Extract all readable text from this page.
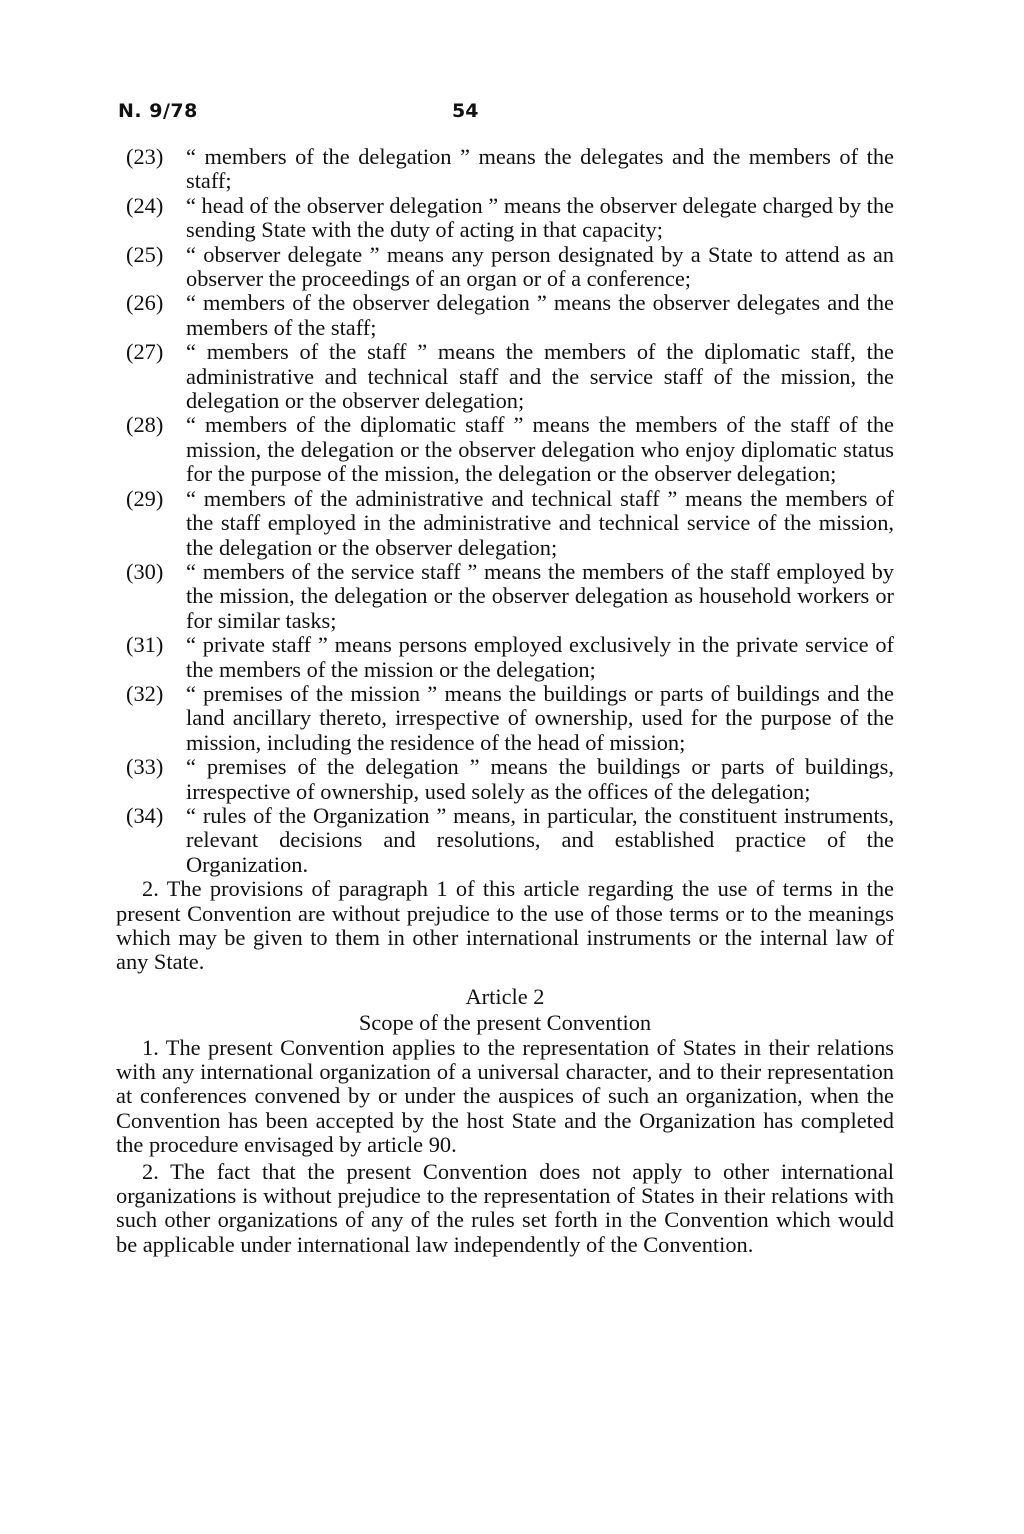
N. 9/78	54
(23)	“ members of the delegation ” means the delegates and the members of the staff;
(24)	“ head of the observer delegation ” means the observer delegate charged by the sending State with the duty of acting in that capacity;
(25)	“ observer delegate ” means any person designated by a State to attend as an observer the proceedings of an organ or of a conference;
(26)	“ members of the observer delegation ” means the observer delegates and the members of the staff;
(27)	“ members of the staff ” means the members of the diplomatic staff, the administrative and technical staff and the service staff of the mission, the delegation or the observer delegation;
(28)	“ members of the diplomatic staff ” means the members of the staff of the mission, the delegation or the observer delegation who enjoy diplomatic status for the purpose of the mission, the delegation or the observer delegation;
(29)	“ members of the administrative and technical staff ” means the members of the staff employed in the administrative and technical service of the mission, the delegation or the observer delegation;
(30)	“ members of the service staff ” means the members of the staff employed by the mission, the delegation or the observer delegation as household workers or for similar tasks;
(31)	“ private staff ” means persons employed exclusively in the private service of the members of the mission or the delegation;
(32)	“ premises of the mission ” means the buildings or parts of buildings and the land ancillary thereto, irrespective of ownership, used for the purpose of the mission, including the residence of the head of mission;
(33)	“ premises of the delegation ” means the buildings or parts of buildings, irrespective of ownership, used solely as the offices of the delegation;
(34)	“ rules of the Organization ” means, in particular, the constituent instruments, relevant decisions and resolutions, and established practice of the Organization.

2. The provisions of paragraph 1 of this article regarding the use of terms in the present Convention are without prejudice to the use of those terms or to the meanings which may be given to them in other international instruments or the internal law of any State.

Article 2
Scope of the present Convention

1. The present Convention applies to the representation of States in their relations with any international organization of a universal character, and to their representation at conferences convened by or under the auspices of such an organization, when the Convention has been accepted by the host State and the Organization has completed the procedure envisaged by article 90.

2. The fact that the present Convention does not apply to other international organizations is without prejudice to the representation of States in their relations with such other organizations of any of the rules set forth in the Convention which would be applicable under international law independently of the Convention.
